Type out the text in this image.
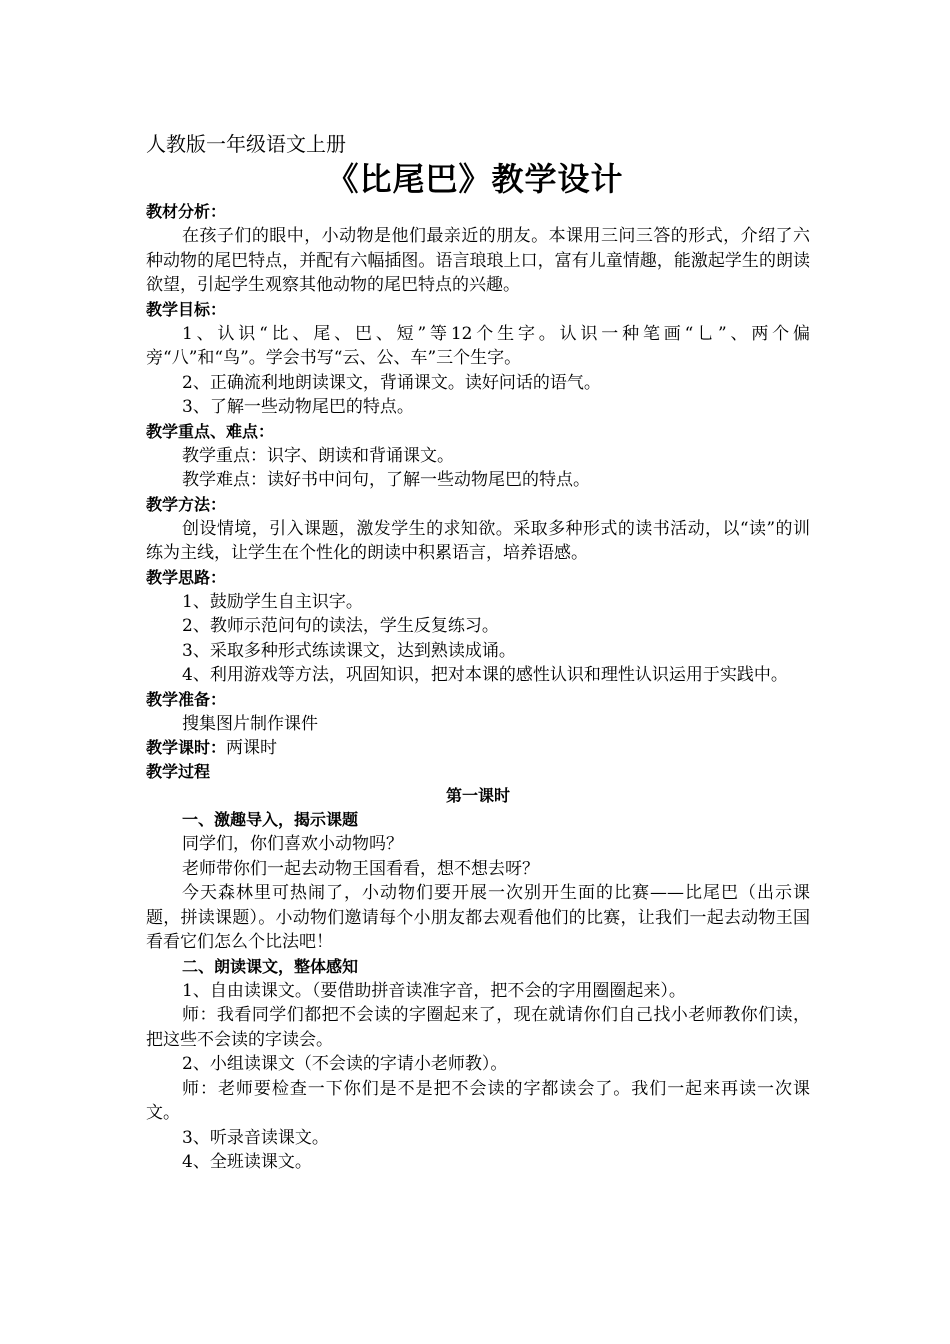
人教版一年级语文上册
《比尾巴》教学设计
教材分析：
在孩子们的眼中，小动物是他们最亲近的朋友。本课用三问三答的形式，介绍了六种动物的尾巴特点，并配有六幅插图。语言琅琅上口，富有儿童情趣，能激起学生的朗读欲望，引起学生观察其他动物的尾巴特点的兴趣。
教学目标：
1、认识“比、尾、巴、短”等12个生字。认识一种笔画“乚”、两个偏旁“八”和“鸟”。学会书写“云、公、车”三个生字。
2、正确流利地朗读课文，背诵课文。读好问话的语气。
3、了解一些动物尾巴的特点。
教学重点、难点：
教学重点：识字、朗读和背诵课文。
教学难点：读好书中问句，了解一些动物尾巴的特点。
教学方法：
创设情境，引入课题，激发学生的求知欲。采取多种形式的读书活动，以“读”的训练为主线，让学生在个性化的朗读中积累语言，培养语感。
教学思路：
1、鼓励学生自主识字。
2、教师示范问句的读法，学生反复练习。
3、采取多种形式练读课文，达到熟读成诵。
4、利用游戏等方法，巩固知识，把对本课的感性认识和理性认识运用于实践中。
教学准备：
搜集图片制作课件
教学课时：两课时
教学过程
第一课时
一、激趣导入，揭示课题
同学们，你们喜欢小动物吗？
老师带你们一起去动物王国看看，想不想去呀？
今天森林里可热闹了，小动物们要开展一次别开生面的比赛——比尾巴（出示课题，拼读课题）。小动物们邀请每个小朋友都去观看他们的比赛，让我们一起去动物王国看看它们怎么个比法吧！
二、朗读课文，整体感知
1、自由读课文。（要借助拼音读准字音，把不会的字用圈圈起来）。
师：我看同学们都把不会读的字圈起来了，现在就请你们自己找小老师教你们读，把这些不会读的字读会。
2、小组读课文（不会读的字请小老师教）。
师：老师要检查一下你们是不是把不会读的字都读会了。我们一起来再读一次课文。
3、听录音读课文。
4、全班读课文。
